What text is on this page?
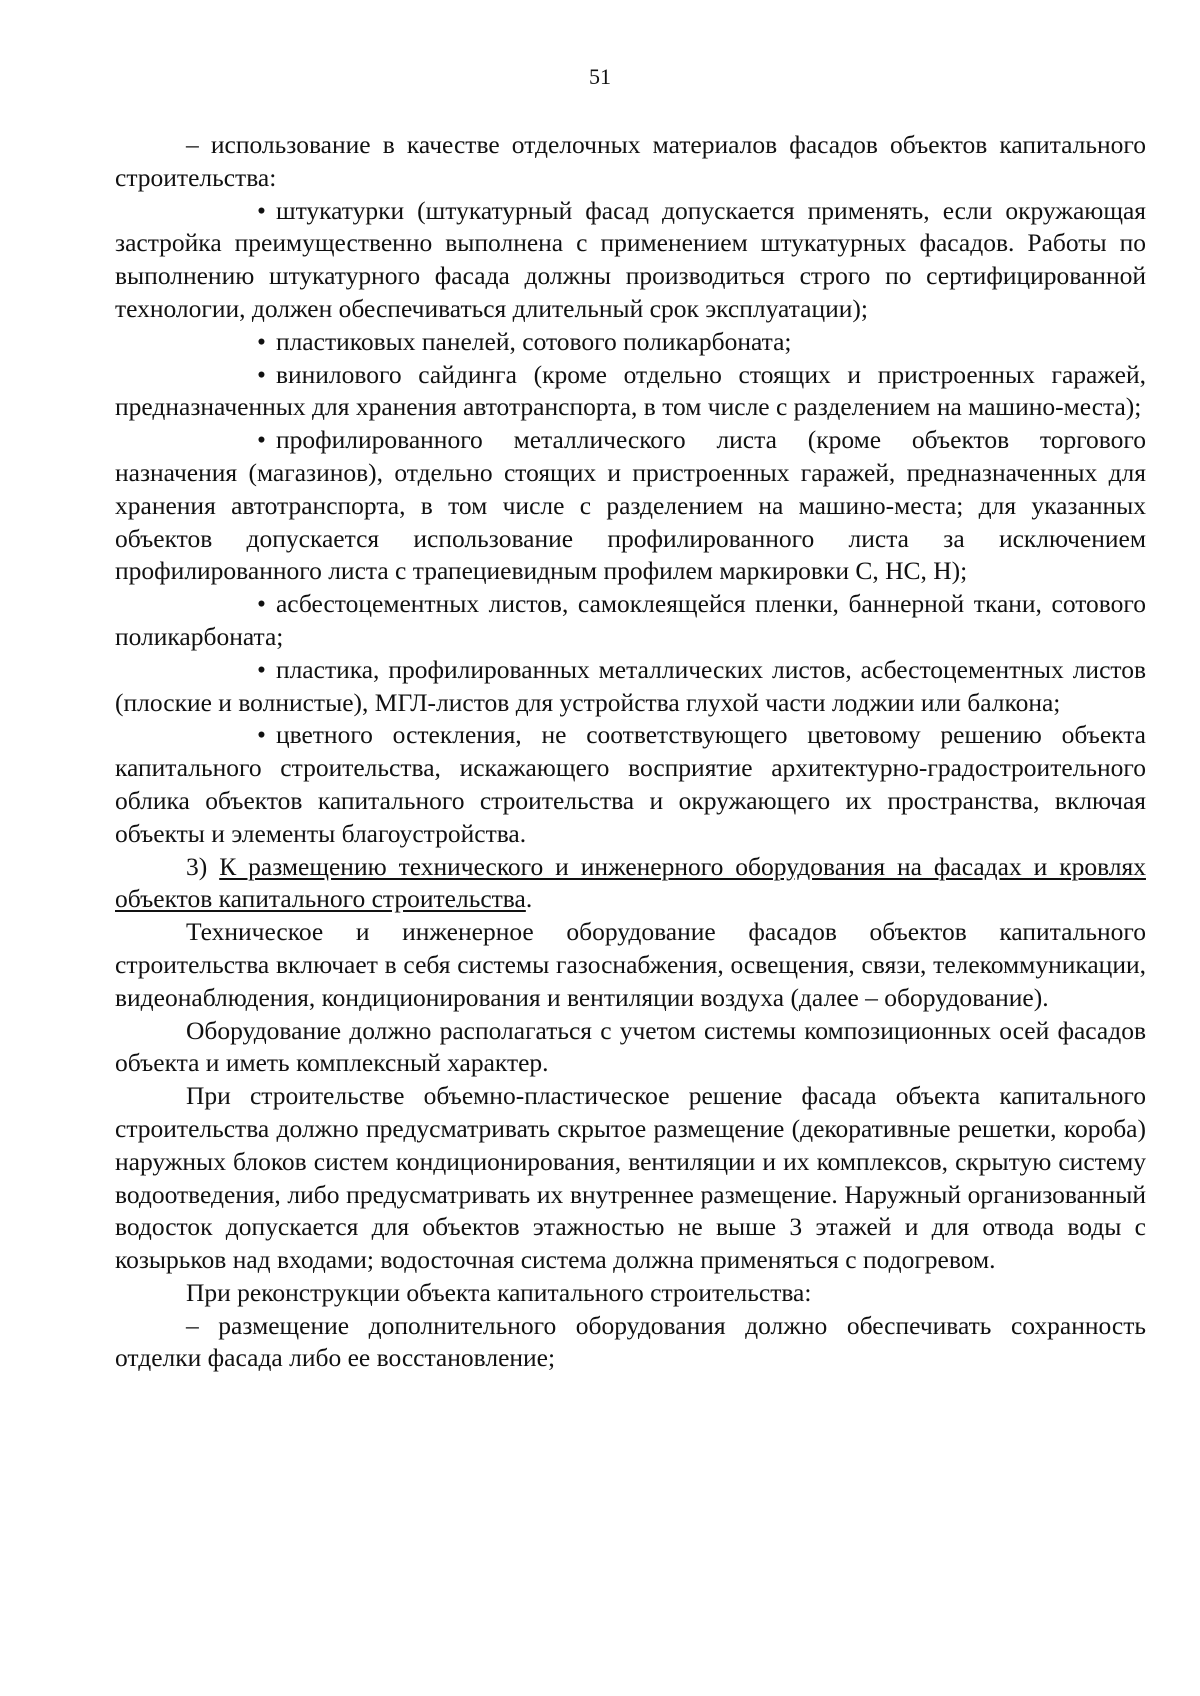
51

– использование в качестве отделочных материалов фасадов объектов капитального строительства:

• штукатурки (штукатурный фасад допускается применять, если окружающая застройка преимущественно выполнена с применением штукатурных фасадов. Работы по выполнению штукатурного фасада должны производиться строго по сертифицированной технологии, должен обеспечиваться длительный срок эксплуатации);

• пластиковых панелей, сотового поликарбоната;

• винилового сайдинга (кроме отдельно стоящих и пристроенных гаражей, предназначенных для хранения автотранспорта, в том числе с разделением на машино-места);

• профилированного металлического листа (кроме объектов торгового назначения (магазинов), отдельно стоящих и пристроенных гаражей, предназначенных для хранения автотранспорта, в том числе с разделением на машино-места; для указанных объектов допускается использование профилированного листа за исключением профилированного листа с трапециевидным профилем маркировки С, НС, Н);

• асбестоцементных листов, самоклеящейся пленки, баннерной ткани, сотового поликарбоната;

• пластика, профилированных металлических листов, асбестоцементных листов (плоские и волнистые), МГЛ-листов для устройства глухой части лоджии или балкона;

• цветного остекления, не соответствующего цветовому решению объекта капитального строительства, искажающего восприятие архитектурно-градостроительного облика объектов капитального строительства и окружающего их пространства, включая объекты и элементы благоустройства.

3) К размещению технического и инженерного оборудования на фасадах и кровлях объектов капитального строительства.

Техническое и инженерное оборудование фасадов объектов капитального строительства включает в себя системы газоснабжения, освещения, связи, телекоммуникации, видеонаблюдения, кондиционирования и вентиляции воздуха (далее – оборудование).

Оборудование должно располагаться с учетом системы композиционных осей фасадов объекта и иметь комплексный характер.

При строительстве объемно-пластическое решение фасада объекта капитального строительства должно предусматривать скрытое размещение (декоративные решетки, короба) наружных блоков систем кондиционирования, вентиляции и их комплексов, скрытую систему водоотведения, либо предусматривать их внутреннее размещение. Наружный организованный водосток допускается для объектов этажностью не выше 3 этажей и для отвода воды с козырьков над входами; водосточная система должна применяться с подогревом.

При реконструкции объекта капитального строительства:

– размещение дополнительного оборудования должно обеспечивать сохранность отделки фасада либо ее восстановление;
